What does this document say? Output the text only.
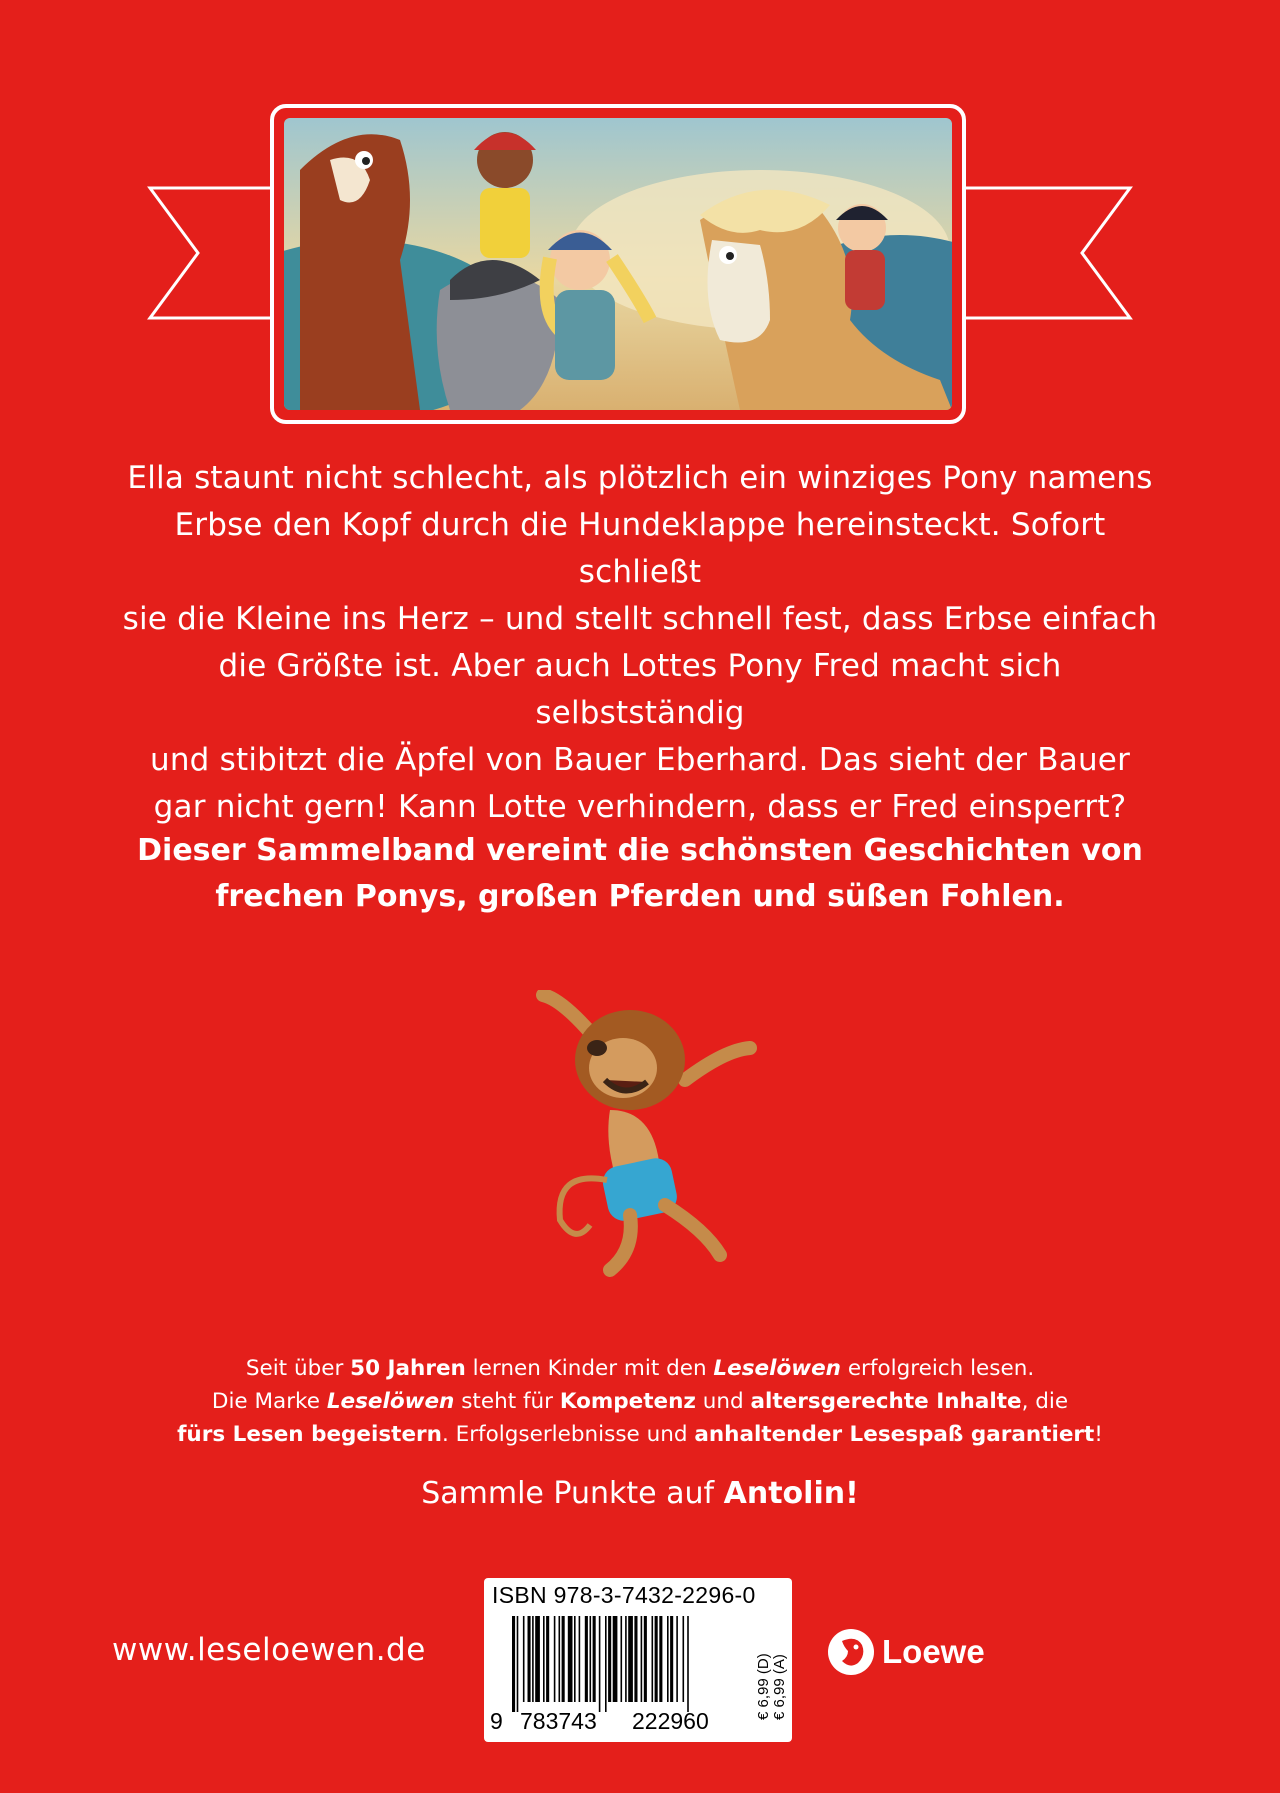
Ella staunt nicht schlecht, als plötzlich ein winziges Pony namens

Erbse den Kopf durch die Hundeklappe hereinsteckt. Sofort schließt

sie die Kleine ins Herz – und stellt schnell fest, dass Erbse einfach

die Größte ist. Aber auch Lottes Pony Fred macht sich selbstständig

und stibitzt die Äpfel von Bauer Eberhard. Das sieht der Bauer

gar nicht gern! Kann Lotte verhindern, dass er Fred einsperrt?

Dieser Sammelband vereint die schönsten Geschichten von
frechen Ponys, großen Pferden und süßen Fohlen.
Seit über 50 Jahren lernen Kinder mit den Leselöwen erfolgreich lesen.
Die Marke Leselöwen steht für Kompetenz und altersgerechte Inhalte, die
fürs Lesen begeistern. Erfolgserlebnisse und anhaltender Lesespaß garantiert!
Sammle Punkte auf Antolin!
www.leseloewen.de
ISBN 978-3-7432-2296-0
9 783743 222960
€ 6,99 (D) € 6,99 (A)
Loewe
